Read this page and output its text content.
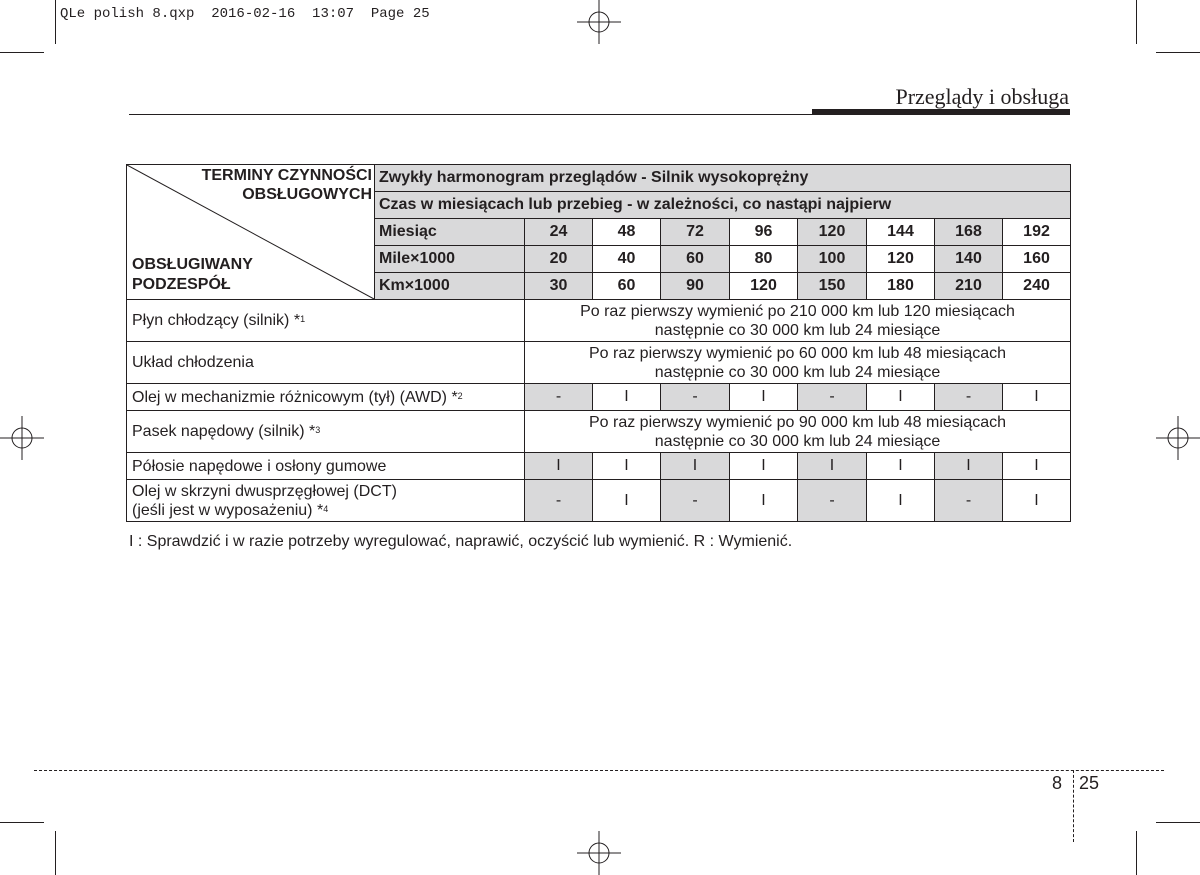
QLe polish 8.qxp  2016-02-16  13:07  Page 25
Przeglądy i obsługa
TERMINY CZYNNOŚCI
OBSŁUGOWYCH
OBSŁUGIWANY
PODZESPÓŁ	Zwykły harmonogram przeglądów - Silnik wysokoprężny								
	Czas w miesiącach lub przebieg - w zależności, co nastąpi najpierw								
	Miesiąc	24	48	72	96	120	144	168	192
	Mile×1000	20	40	60	80	100	120	140	160
	Km×1000	30	60	90	120	150	180	210	240
Płyn chłodzący (silnik) *$^1$		Po raz pierwszy wymienić po 210 000 km lub 120 miesiącach
następnie co 30 000 km lub 24 miesiące							

Układ chłodzenia		Po raz pierwszy wymienić po 60 000 km lub 48 miesiącach
następnie co 30 000 km lub 24 miesiące							

Olej w mechanizmie różnicowym (tył) (AWD) *$^2$		-	I	-	I	-	I	-	I
Pasek napędowy (silnik) *$^3$		Po raz pierwszy wymienić po 90 000 km lub 48 miesiącach
następnie co 30 000 km lub 24 miesiące							

Półosie napędowe i osłony gumowe		I	I	I	I	I	I	I	I

Olej w skrzyni dwusprzęgłowej (DCT)
(jeśli jest w wyposażeniu) *$^4$		-	I	-	I	-	I	-	I
I : Sprawdzić i w razie potrzeby wyregulować, naprawić, oczyścić lub wymienić. R : Wymienić.
8 25
